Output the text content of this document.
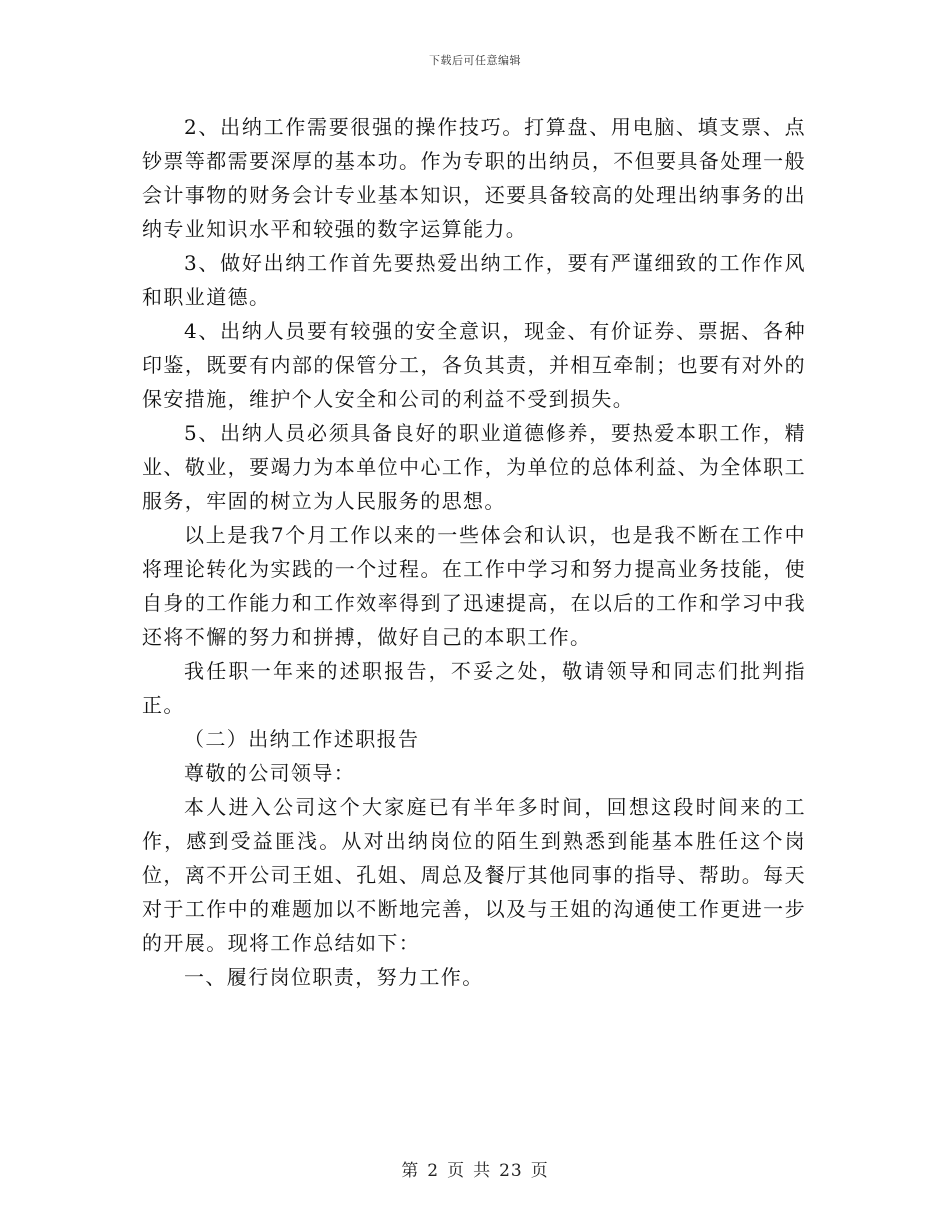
下载后可任意编辑

2、出纳工作需要很强的操作技巧。打算盘、用电脑、填支票、点钞票等都需要深厚的基本功。作为专职的出纳员，不但要具备处理一般会计事物的财务会计专业基本知识，还要具备较高的处理出纳事务的出纳专业知识水平和较强的数字运算能力。

3、做好出纳工作首先要热爱出纳工作，要有严谨细致的工作作风和职业道德。

4、出纳人员要有较强的安全意识，现金、有价证券、票据、各种印鉴，既要有内部的保管分工，各负其责，并相互牵制；也要有对外的保安措施，维护个人安全和公司的利益不受到损失。

5、出纳人员必须具备良好的职业道德修养，要热爱本职工作，精业、敬业，要竭力为本单位中心工作，为单位的总体利益、为全体职工服务，牢固的树立为人民服务的思想。

以上是我7个月工作以来的一些体会和认识，也是我不断在工作中将理论转化为实践的一个过程。在工作中学习和努力提高业务技能，使自身的工作能力和工作效率得到了迅速提高，在以后的工作和学习中我还将不懈的努力和拼搏，做好自己的本职工作。

我任职一年来的述职报告，不妥之处，敬请领导和同志们批判指正。

（二）出纳工作述职报告

尊敬的公司领导：

本人进入公司这个大家庭已有半年多时间，回想这段时间来的工作，感到受益匪浅。从对出纳岗位的陌生到熟悉到能基本胜任这个岗位，离不开公司王姐、孔姐、周总及餐厅其他同事的指导、帮助。每天对于工作中的难题加以不断地完善，以及与王姐的沟通使工作更进一步的开展。现将工作总结如下：

一、履行岗位职责，努力工作。

第 2 页 共 23 页
